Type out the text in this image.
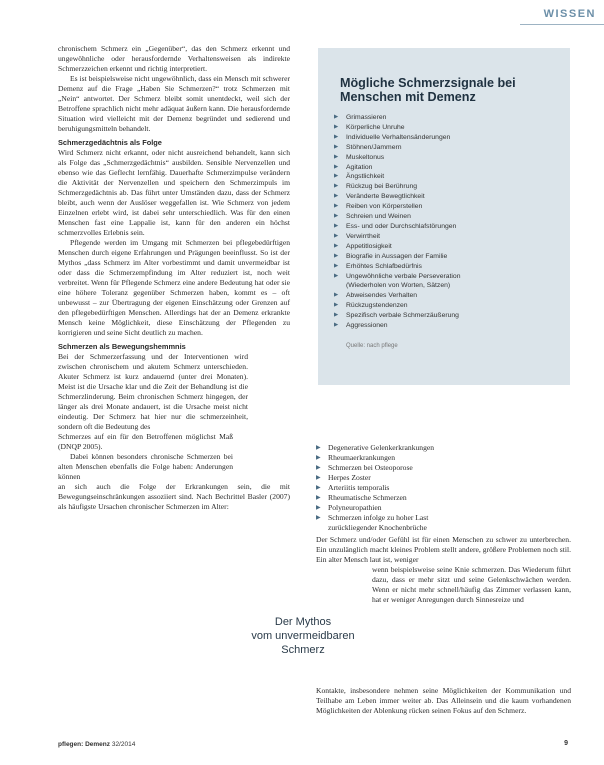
WISSEN

chronischem Schmerz ein „Gegenüber“, das den Schmerz erkennt und ungewöhnliche oder herausfordernde Verhaltensweisen als indirekte Schmerzzeichen erkennt und richtig interpretiert.

Es ist beispielsweise nicht ungewöhnlich, dass ein Mensch mit schwerer Demenz auf die Frage „Haben Sie Schmerzen?“ trotz Schmerzen mit „Nein“ antwortet. Der Schmerz bleibt somit unentdeckt, weil sich der Betroffene sprachlich nicht mehr adäquat äußern kann. Die herausfordernde Situation wird vielleicht mit der Demenz begründet und sedierend und beruhigungsmitteln behandelt.

Schmerzgedächtnis als Folge

Wird Schmerz nicht erkannt, oder nicht ausreichend behandelt, kann sich als Folge das „Schmerzgedächtnis“ ausbilden. Sensible Nervenzellen und ebenso wie das Geflecht lernfähig. Dauerhafte Schmerzimpulse verändern die Aktivität der Nervenzellen und speichern den Schmerzimpuls im Schmerzgedächtnis ab. Das führt unter Umständen dazu, dass der Schmerz bleibt, auch wenn der Auslöser weggefallen ist. Wie Schmerz von jedem Einzelnen erlebt wird, ist dabei sehr unterschiedlich. Was für den einen Menschen fast eine Lappalie ist, kann für den anderen ein höchst schmerzvolles Erlebnis sein.

Pflegende werden im Umgang mit Schmerzen bei pflegebedürftigen Menschen durch eigene Erfahrungen und Prägungen beeinflusst. So ist der Mythos „dass Schmerz im Alter vorbestimmt und damit unvermeidbar ist oder dass die Schmerzempfindung im Alter reduziert ist, noch weit verbreitet. Wenn für Pflegende Schmerz eine andere Bedeutung hat oder sie eine höhere Toleranz gegenüber Schmerzen haben, kommt es – oft unbewusst – zur Übertragung der eigenen Einschätzung oder Grenzen auf den pflegebedürftigen Menschen. Allerdings hat der an Demenz erkrankte Mensch keine Möglichkeit, diese Einschätzung der Pflegenden zu korrigieren und seine Sicht deutlich zu machen.

Schmerzen als Bewegungshemmnis

Bei der Schmerzerfassung und der Interventionen wird zwischen chronischem und akutem Schmerz unterschieden. Akuter Schmerz ist kurz andauernd (unter drei Monaten). Meist ist die Ursache klar und die Zeit der Behandlung ist die Schmerzlinderung. Beim chronischen Schmerz hingegen, der länger als drei Monate andauert, ist die Ursache meist nicht eindeutig. Der Schmerz hat hier nur die schmerzeinheit, sondern oft die Bedeutung des

Schmerzes auf ein für den Betroffenen möglichst Maß (DNQP 2005).

Dabei können besonders chronische Schmerzen bei alten Menschen ebenfalls die Folge haben: Anderungen können

an sich auch die Folge der Erkrankungen sein, die mit Bewegungseinschränkungen assoziiert sind. Nach Bechrittel Basler (2007) als häufigste Ursachen chronischer Schmerzen im Alter:

Mögliche Schmerzsignale bei Menschen mit Demenz
▶ Grimassieren
▶ Körperliche Unruhe
▶ Individuelle Verhaltensänderungen
▶ Stöhnen/Jammern
▶ Muskeltonus
▶ Agitation
▶ Ängstlichkeit
▶ Rückzug bei Berührung
▶ Veränderte Bewegtlichkeit
▶ Reiben von Körperstellen
▶ Schreien und Weinen
▶ Ess- und oder Durchschlafstörungen
▶ Verwirrtheit
▶ Appetitlosigkeit
▶ Biografie in Aussagen der Familie
▶ Erhöhtes Schlafbedürfnis
▶ Ungewöhnliche verbale Perseveration
(Wiederholen von Worten, Sätzen)
▶ Abweisendes Verhalten
▶ Rückzugstendenzen
▶ Spezifisch verbale Schmerzäußerung
▶ Aggressionen
Quelle: nach pflege
▶ Degenerative Gelenkerkrankungen
▶ Rheumaerkrankungen
▶ Schmerzen bei Osteoporose
▶ Herpes Zoster
▶ Arteriitis temporalis
▶ Rheumatische Schmerzen
▶ Polyneuropathien
▶ Schmerzen infolge zu hoher Last
zurückliegender Knochenbrüche

Der Schmerz und/oder Gefühl ist für einen Menschen zu schwer zu unterbrechen. Ein unzulänglich macht kleines Problem stellt andere, größere Problemen noch stil. Ein alter Mensch laut ist, weniger

wenn beispielsweise seine Knie schmerzen. Das Wiederum führt dazu, dass er mehr sitzt und seine Gelenkschwächen werden. Wenn er nicht mehr schnell/häufig das Zimmer verlassen kann, hat er weniger Anregungen durch Sinnesreize und
Kontakte, insbesondere nehmen seine Möglichkeiten der Kommunikation und Teilhabe am Leben immer weiter ab. Das Alleinsein und die kaum vorhandenen Möglichkeiten der Ablenkung rücken seinen Fokus auf den Schmerz.
Der Mythos
vom unvermeidbaren
Schmerz
pflegen: Demenz 32/2014	9
